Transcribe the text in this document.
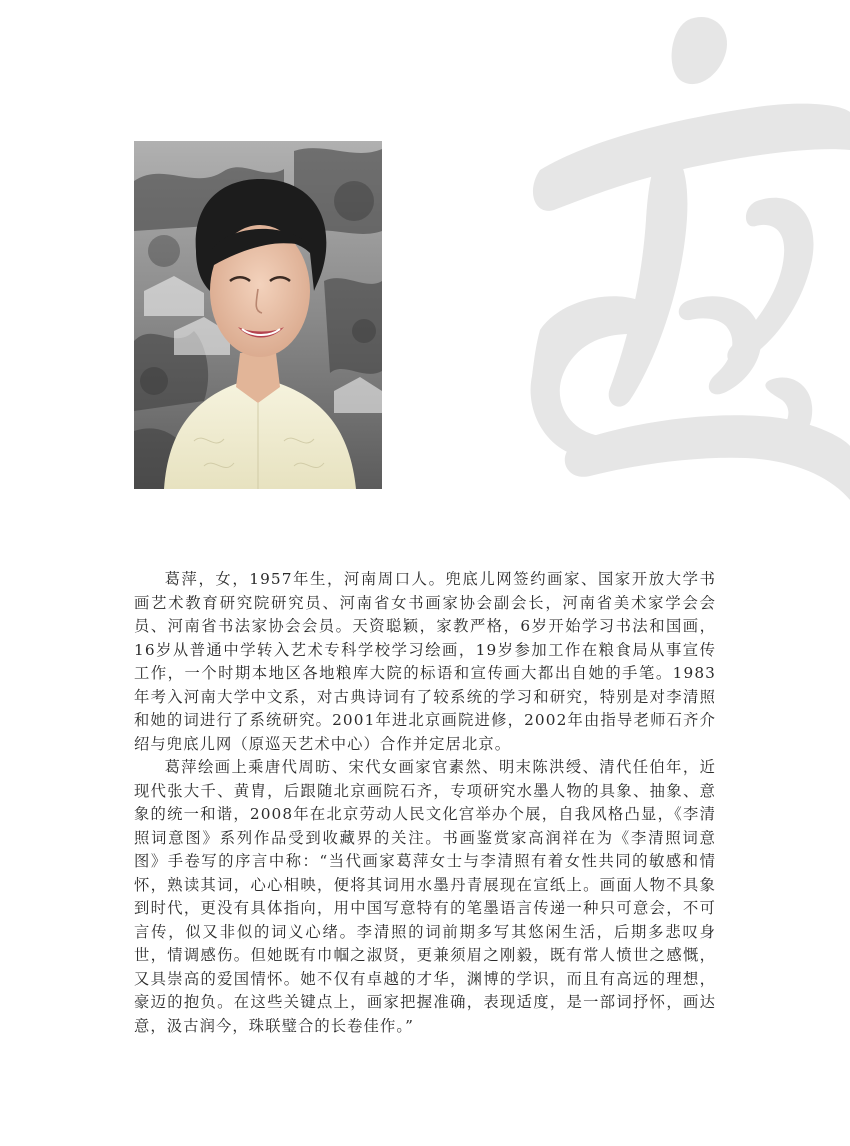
葛萍，女，1957年生，河南周口人。兜底儿网签约画家、国家开放大学书画艺术教育研究院研究员、河南省女书画家协会副会长，河南省美术家学会会员、河南省书法家协会会员。天资聪颖，家教严格，6岁开始学习书法和国画，16岁从普通中学转入艺术专科学校学习绘画，19岁参加工作在粮食局从事宣传工作，一个时期本地区各地粮库大院的标语和宣传画大都出自她的手笔。1983年考入河南大学中文系，对古典诗词有了较系统的学习和研究，特别是对李清照和她的词进行了系统研究。2001年进北京画院进修，2002年由指导老师石齐介绍与兜底儿网（原巡天艺术中心）合作并定居北京。

葛萍绘画上乘唐代周昉、宋代女画家官素然、明末陈洪绶、清代任伯年，近现代张大千、黄胄，后跟随北京画院石齐，专项研究水墨人物的具象、抽象、意象的统一和谐，2008年在北京劳动人民文化宫举办个展，自我风格凸显，《李清照词意图》系列作品受到收藏界的关注。书画鉴赏家高润祥在为《李清照词意图》手卷写的序言中称：“当代画家葛萍女士与李清照有着女性共同的敏感和情怀，熟读其词，心心相映，便将其词用水墨丹青展现在宣纸上。画面人物不具象到时代，更没有具体指向，用中国写意特有的笔墨语言传递一种只可意会，不可言传，似又非似的词义心绪。李清照的词前期多写其悠闲生活，后期多悲叹身世，情调感伤。但她既有巾帼之淑贤，更兼须眉之刚毅，既有常人愤世之感慨，又具崇高的爱国情怀。她不仅有卓越的才华，渊博的学识，而且有高远的理想，豪迈的抱负。在这些关键点上，画家把握准确，表现适度，是一部词抒怀，画达意，汲古润今，珠联璧合的长卷佳作。”
